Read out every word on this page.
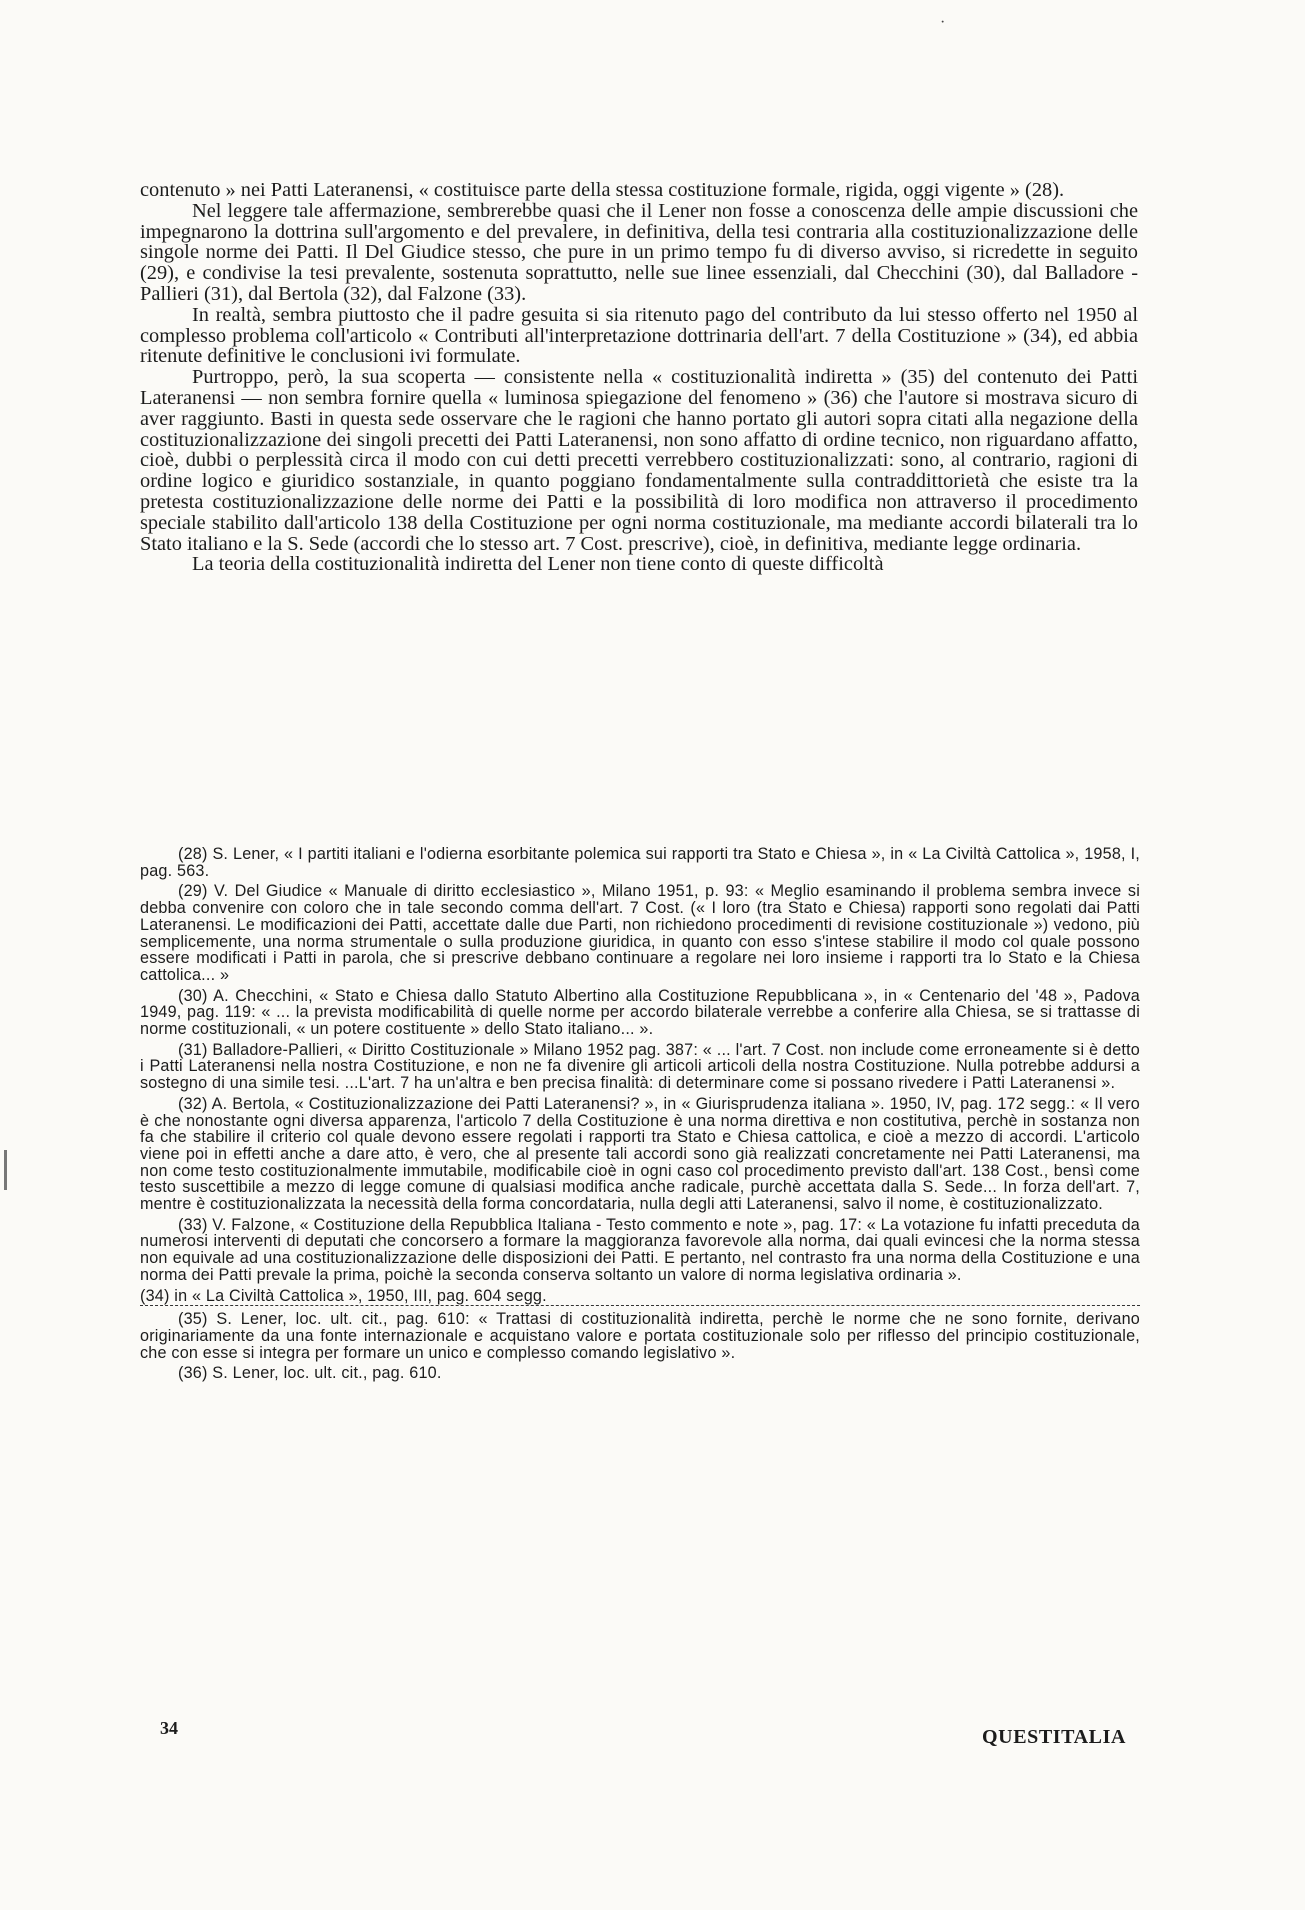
·

contenuto » nei Patti Lateranensi, « costituisce parte della stessa costituzione formale, rigida, oggi vigente » (28).

Nel leggere tale affermazione, sembrerebbe quasi che il Lener non fosse a conoscenza delle ampie discussioni che impegnarono la dottrina sull'argomento e del prevalere, in definitiva, della tesi contraria alla costituzionalizzazione delle singole norme dei Patti. Il Del Giudice stesso, che pure in un primo tempo fu di diverso avviso, si ricredette in seguito (29), e condivise la tesi prevalente, sostenuta soprattutto, nelle sue linee essenziali, dal Checchini (30), dal Balladore - Pallieri (31), dal Bertola (32), dal Falzone (33).

In realtà, sembra piuttosto che il padre gesuita si sia ritenuto pago del contributo da lui stesso offerto nel 1950 al complesso problema coll'articolo « Contributi all'interpretazione dottrinaria dell'art. 7 della Costituzione » (34), ed abbia ritenute definitive le conclusioni ivi formulate.

Purtroppo, però, la sua scoperta — consistente nella « costituzionalità indiretta » (35) del contenuto dei Patti Lateranensi — non sembra fornire quella « luminosa spiegazione del fenomeno » (36) che l'autore si mostrava sicuro di aver raggiunto. Basti in questa sede osservare che le ragioni che hanno portato gli autori sopra citati alla negazione della costituzionalizzazione dei singoli precetti dei Patti Lateranensi, non sono affatto di ordine tecnico, non riguardano affatto, cioè, dubbi o perplessità circa il modo con cui detti precetti verrebbero costituzionalizzati: sono, al contrario, ragioni di ordine logico e giuridico sostanziale, in quanto poggiano fondamentalmente sulla contraddittorietà che esiste tra la pretesta costituzionalizzazione delle norme dei Patti e la possibilità di loro modifica non attraverso il procedimento speciale stabilito dall'articolo 138 della Costituzione per ogni norma costituzionale, ma mediante accordi bilaterali tra lo Stato italiano e la S. Sede (accordi che lo stesso art. 7 Cost. prescrive), cioè, in definitiva, mediante legge ordinaria.

La teoria della costituzionalità indiretta del Lener non tiene conto di queste difficoltà

(28) S. Lener, « I partiti italiani e l'odierna esorbitante polemica sui rapporti tra Stato e Chiesa », in « La Civiltà Cattolica », 1958, I, pag. 563.

(29) V. Del Giudice « Manuale di diritto ecclesiastico », Milano 1951, p. 93: « Meglio esaminando il problema sembra invece si debba convenire con coloro che in tale secondo comma dell'art. 7 Cost. (« I loro (tra Stato e Chiesa) rapporti sono regolati dai Patti Lateranensi. Le modificazioni dei Patti, accettate dalle due Parti, non richiedono procedimenti di revisione costituzionale ») vedono, più semplicemente, una norma strumentale o sulla produzione giuridica, in quanto con esso s'intese stabilire il modo col quale possono essere modificati i Patti in parola, che si prescrive debbano continuare a regolare nei loro insieme i rapporti tra lo Stato e la Chiesa cattolica... »

(30) A. Checchini, « Stato e Chiesa dallo Statuto Albertino alla Costituzione Repubblicana », in « Centenario del '48 », Padova 1949, pag. 119: « ... la prevista modificabilità di quelle norme per accordo bilaterale verrebbe a conferire alla Chiesa, se si trattasse di norme costituzionali, « un potere costituente » dello Stato italiano... ».

(31) Balladore-Pallieri, « Diritto Costituzionale » Milano 1952 pag. 387: « ... l'art. 7 Cost. non include come erroneamente si è detto i Patti Lateranensi nella nostra Costituzione, e non ne fa divenire gli articoli articoli della nostra Costituzione. Nulla potrebbe addursi a sostegno di una simile tesi. ...L'art. 7 ha un'altra e ben precisa finalità: di determinare come si possano rivedere i Patti Lateranensi ».

(32) A. Bertola, « Costituzionalizzazione dei Patti Lateranensi? », in « Giurisprudenza italiana ». 1950, IV, pag. 172 segg.: « Il vero è che nonostante ogni diversa apparenza, l'articolo 7 della Costituzione è una norma direttiva e non costitutiva, perchè in sostanza non fa che stabilire il criterio col quale devono essere regolati i rapporti tra Stato e Chiesa cattolica, e cioè a mezzo di accordi. L'articolo viene poi in effetti anche a dare atto, è vero, che al presente tali accordi sono già realizzati concretamente nei Patti Lateranensi, ma non come testo costituzionalmente immutabile, modificabile cioè in ogni caso col procedimento previsto dall'art. 138 Cost., bensì come testo suscettibile a mezzo di legge comune di qualsiasi modifica anche radicale, purchè accettata dalla S. Sede... In forza dell'art. 7, mentre è costituzionalizzata la necessità della forma concordataria, nulla degli atti Lateranensi, salvo il nome, è costituzionalizzato.

(33) V. Falzone, « Costituzione della Repubblica Italiana - Testo commento e note », pag. 17: « La votazione fu infatti preceduta da numerosi interventi di deputati che concorsero a formare la maggioranza favorevole alla norma, dai quali evincesi che la norma stessa non equivale ad una costituzionalizzazione delle disposizioni dei Patti. E pertanto, nel contrasto fra una norma della Costituzione e una norma dei Patti prevale la prima, poichè la seconda conserva soltanto un valore di norma legislativa ordinaria ».

(34) in « La Civiltà Cattolica », 1950, III, pag. 604 segg.

(35) S. Lener, loc. ult. cit., pag. 610: « Trattasi di costituzionalità indiretta, perchè le norme che ne sono fornite, derivano originariamente da una fonte internazionale e acquistano valore e portata costituzionale solo per riflesso del principio costituzionale, che con esse si integra per formare un unico e complesso comando legislativo ».

(36) S. Lener, loc. ult. cit., pag. 610.

34	QUESTITALIA
